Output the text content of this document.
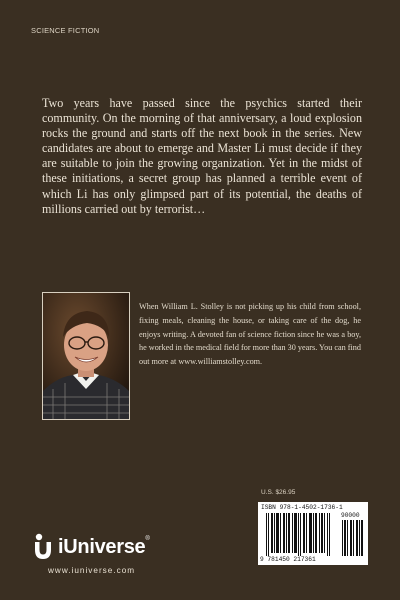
SCIENCE FICTION
Two years have passed since the psychics started their community. On the morning of that anniversary, a loud explosion rocks the ground and starts off the next book in the series. New candidates are about to emerge and Master Li must decide if they are suitable to join the growing organization. Yet in the midst of these initiations, a secret group has planned a terrible event of which Li has only glimpsed part of its potential, the deaths of millions carried out by terrorist…
When William L. Stolley is not picking up his child from school, fixing meals, cleaning the house, or taking care of the dog, he enjoys writing. A devoted fan of science fiction since he was a boy, he worked in the medical field for more than 30 years. You can find out more at www.williamstolley.com.
U.S. $26.95
ISBN 978-1-4502-1736-1
90000
9 781450 217361
iUniverse ®
www.iuniverse.com
